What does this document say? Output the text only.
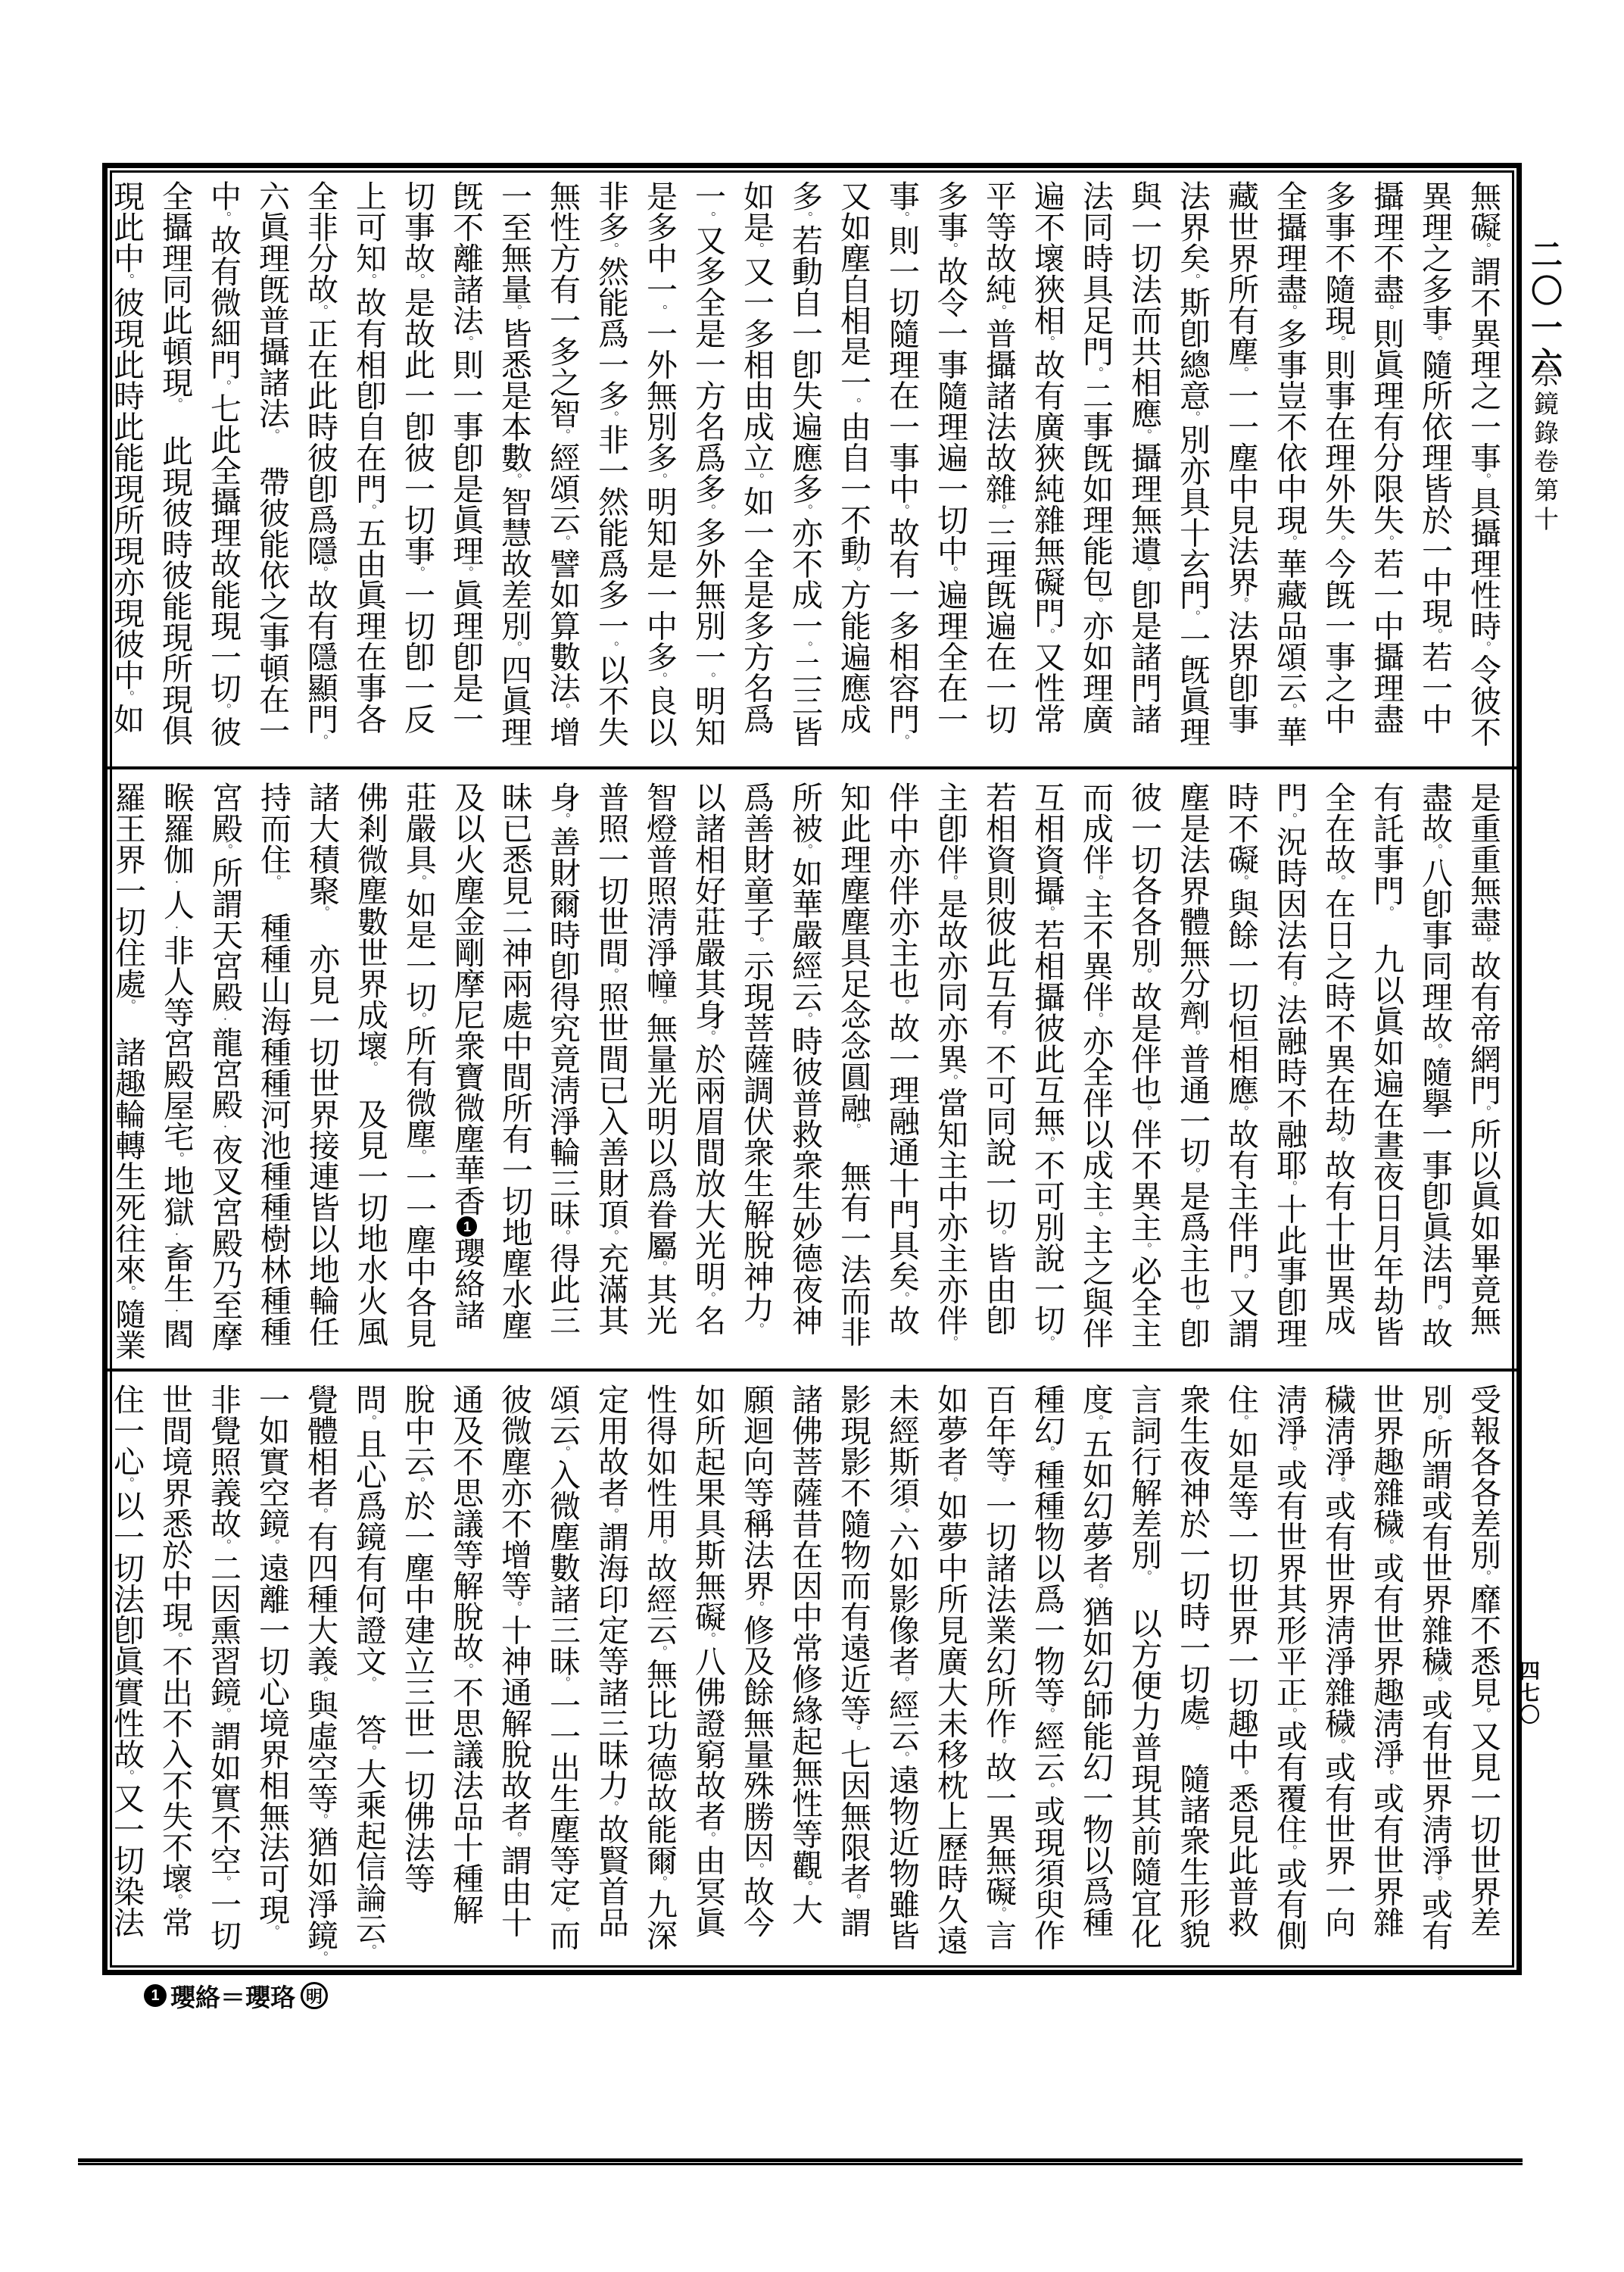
二〇一六
宗鏡錄卷第十
四七〇

無礙。謂不異理之一事。具攝理性時。令彼不

異理之多事。隨所依理皆於一中現。若一中

攝理不盡。則眞理有分限失。若一中攝理盡

多事不隨現。則事在理外失。今旣一事之中

全攝理盡。多事豈不依中現。華藏品頌云。華

藏世界所有塵。一一塵中見法界。法界卽事

法界矣。斯卽總意。別亦具十玄門。一旣眞理

與一切法而共相應。攝理無遺。卽是諸門諸

法同時具足門。二事旣如理能包。亦如理廣

遍不壞狹相。故有廣狹純雜無礙門。又性常

平等故純。普攝諸法故雜。三理旣遍在一切

多事。故令一事隨理遍一切中。遍理全在一

事。則一切隨理在一事中。故有一多相容門。

又如塵自相是一。由自一不動。方能遍應成

多。若動自一卽失遍應多。亦不成一。二三皆

如是。又一多相由成立。如一全是多方名爲

一。又多全是一方名爲多。多外無別一。明知

是多中一。一外無別多。明知是一中多。良以

非多。然能爲一多。非一然能爲多一。以不失

無性方有一多之智。經頌云。譬如算數法。增

一至無量。皆悉是本數。智慧故差別。四眞理

旣不離諸法。則一事卽是眞理。眞理卽是一

切事故。是故此一卽彼一切事。一切卽一反

上可知。故有相卽自在門。五由眞理在事各

全非分故。正在此時彼卽爲隱。故有隱顯門。

六眞理旣普攝諸法。　帶彼能依之事頓在一

中。故有微細門。七此全攝理故能現一切。彼

全攝理同此頓現。　此現彼時彼能現所現俱

現此中。彼現此時此能現所現亦現彼中。如

是重重無盡。故有帝網門。所以眞如畢竟無

盡故。八卽事同理故。隨擧一事卽眞法門。故

有託事門。　九以眞如遍在晝夜日月年劫皆

全在故。在日之時不異在劫。故有十世異成

門。況時因法有。法融時不融耶。十此事卽理

時不礙。與餘一切恒相應。故有主伴門。又謂

塵是法界體無分劑。普通一切。是爲主也。卽

彼一切各各別。故是伴也。伴不異主。必全主

而成伴。主不異伴。亦全伴以成主。主之與伴

互相資攝。若相攝彼此互無。不可別說一切。

若相資則彼此互有。不可同說一切。皆由卽

主卽伴。是故亦同亦異。當知主中亦主亦伴。

伴中亦伴亦主也。故一理融通十門具矣。故

知此理塵塵具足念念圓融。　無有一法而非

所被。如華嚴經云。時彼普救衆生妙德夜神

爲善財童子。示現菩薩調伏衆生解脫神力。

以諸相好莊嚴其身。於兩眉間放大光明。名

智燈普照淸淨幢。無量光明以爲眷屬。其光

普照一切世間。照世間已入善財頂。充滿其

身。善財爾時卽得究竟淸淨輪三昧。得此三

昧已悉見二神兩處中間所有一切地塵水塵

及以火塵金剛摩尼衆寶微塵華香1瓔絡諸

莊嚴具。如是一切。所有微塵。一一塵中各見

佛剎微塵數世界成壞。　及見一切地水火風

諸大積聚。　亦見一切世界接連皆以地輪任

持而住。　種種山海種種河池種種樹林種種

宮殿。所謂天宮殿·龍宮殿·夜叉宮殿乃至摩

睺羅伽·人·非人等宮殿屋宅。地獄·畜生·閻

羅王界一切住處。　諸趣輪轉生死往來。隨業

受報各各差別。靡不悉見。又見一切世界差

別。所謂或有世界雜穢。或有世界淸淨。或有

世界趣雜穢。或有世界趣淸淨。或有世界雜

穢淸淨。或有世界淸淨雜穢。或有世界一向

淸淨。或有世界其形平正。或有覆住。或有側

住。如是等一切世界一切趣中。悉見此普救

衆生夜神於一切時一切處。　隨諸衆生形貌

言詞行解差別。　以方便力普現其前隨宜化

度。五如幻夢者。猶如幻師能幻一物以爲種

種幻。種種物以爲一物等。經云。或現須臾作

百年等。一切諸法業幻所作。故一異無礙。言

如夢者。如夢中所見廣大未移枕上歷時久遠

未經斯須。六如影像者。經云。遠物近物雖皆

影現影不隨物而有遠近等。七因無限者。謂

諸佛菩薩昔在因中常修緣起無性等觀。大

願迴向等稱法界。修及餘無量殊勝因。故今

如所起果具斯無礙。八佛證窮故者。由冥眞

性得如性用。故經云。無比功德故能爾。九深

定用故者。謂海印定等諸三昧力。故賢首品

頌云。入微塵數諸三昧。一一出生塵等定。而

彼微塵亦不增等。十神通解脫故者。謂由十

通及不思議等解脫故。不思議法品十種解

脫中云。於一塵中建立三世一切佛法等

問。且心爲鏡有何證文。　答。大乘起信論云。

覺體相者。有四種大義。與虛空等。猶如淨鏡。

一如實空鏡。遠離一切心境界相無法可現。

非覺照義故。二因熏習鏡。謂如實不空。一切

世間境界悉於中現。不出不入不失不壞。常

住一心。以一切法卽眞實性故。又一切染法

1 瓔絡＝瓔珞 明
